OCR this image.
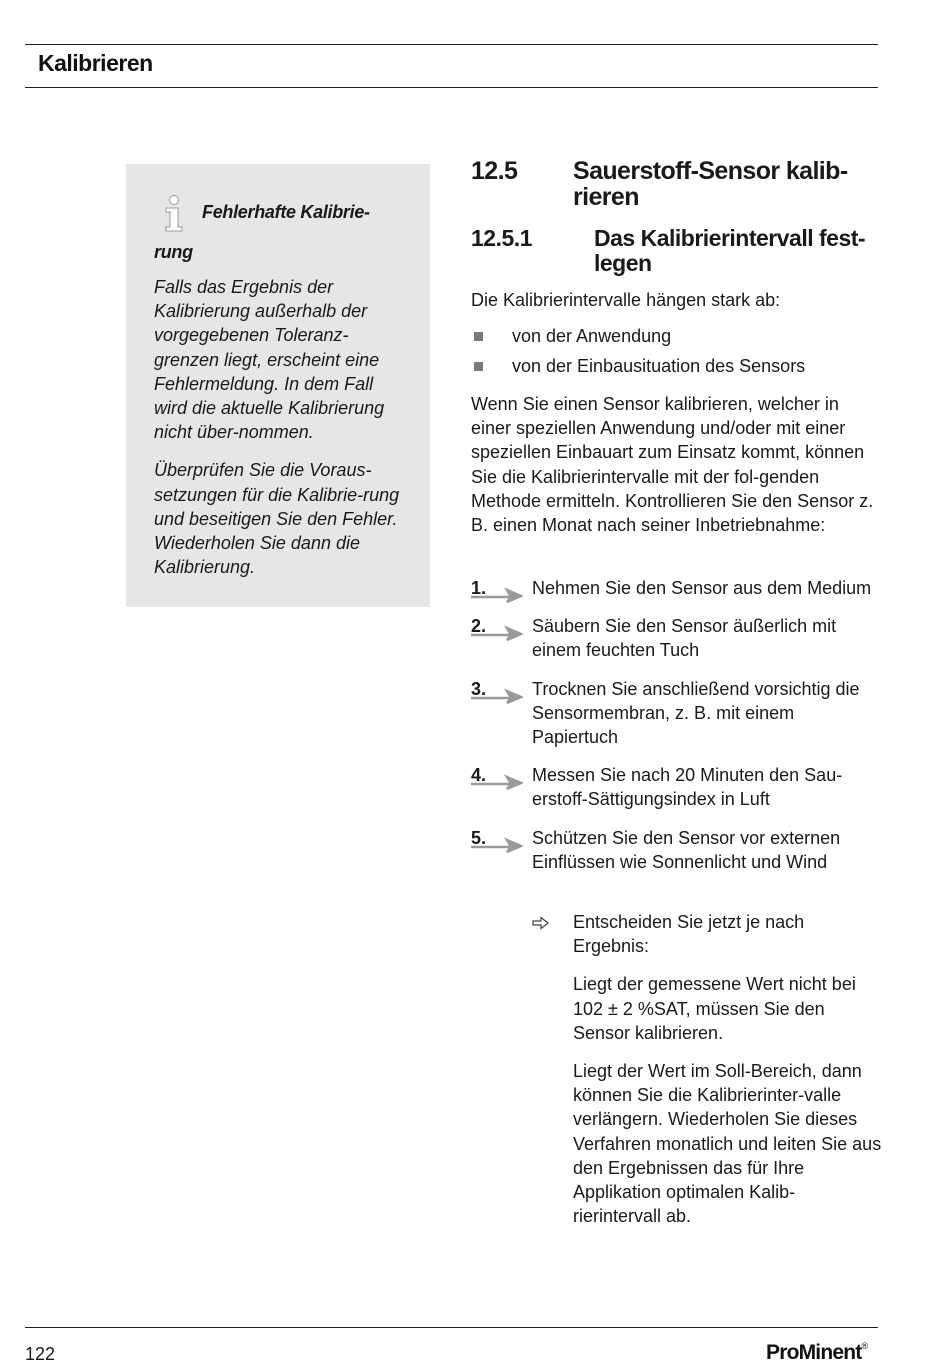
Kalibrieren

Fehlerhafte Kalibrie-
rung

Falls das Ergebnis der Kalibrierung außerhalb der vorgegebenen Toleranz-grenzen liegt, erscheint eine Fehlermeldung. In dem Fall wird die aktuelle Kalibrierung nicht über-nommen.

Überprüfen Sie die Voraus-setzungen für die Kalibrie-rung und beseitigen Sie den Fehler. Wiederholen Sie dann die Kalibrierung.

12.5 Sauerstoff-Sensor kalib-rieren
12.5.1	Das Kalibrierintervall fest-legen

Die Kalibrierintervalle hängen stark ab:

von der Anwendung
von der Einbausituation des Sensors

Wenn Sie einen Sensor kalibrieren, welcher in einer speziellen Anwendung und/oder mit einer speziellen Einbauart zum Einsatz kommt, können Sie die Kalibrierintervalle mit der fol-genden Methode ermitteln. Kontrollieren Sie den Sensor z. B. einen Monat nach seiner Inbetriebnahme:

1.	Nehmen Sie den Sensor aus dem Medium
2.	Säubern Sie den Sensor äußerlich mit einem feuchten Tuch
3.	Trocknen Sie anschließend vorsichtig die Sensormembran, z. B. mit einem Papiertuch
4.	Messen Sie nach 20 Minuten den Sau-erstoff-Sättigungsindex in Luft
5.	Schützen Sie den Sensor vor externen Einflüssen wie Sonnenlicht und Wind

Entscheiden Sie jetzt je nach Ergebnis:

Liegt der gemessene Wert nicht bei 102 ± 2 %SAT, müssen Sie den Sensor kalibrieren.

Liegt der Wert im Soll-Bereich, dann können Sie die Kalibrierinter-valle verlängern. Wiederholen Sie dieses Verfahren monatlich und leiten Sie aus den Ergebnissen das für Ihre Applikation optimalen Kalib-rierintervall ab.

122	ProMinent®
